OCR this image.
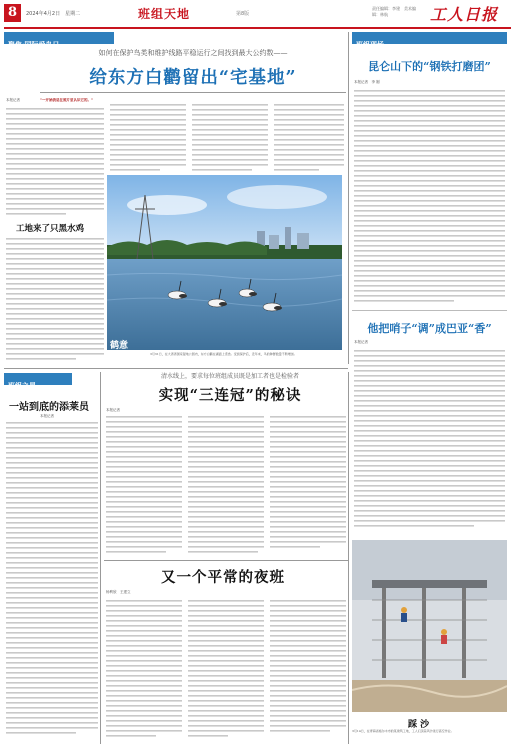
8	2024年4月2日　星期二	班组天地	第8版
责任编辑：李建　美术编辑：林航	工人日报
聚焦·国际爱鸟日
如何在保护鸟类和维护线路平稳运行之间找到最大公约数——
给东方白鹳留出“宅基地”
本报记者
	“一开始我是在照片里认识它的。”
工地来了只黑水鸡
鹤意
3月31日，在大湾湾国家湿地公园内，东方白鹳在湖面上觅食。受到保护后，近年来，鸟的种群数量不断增加。
班组现场
昆仑山下的“钢铁打磨团”
本报记者　李 刚
他把哨子“调”成巴亚“香”
本报记者
班组之星
一站到底的添莱员
本报记者
清水线上，要求每位班组成员既是加工者也是检验者
实现“三连冠”的秘诀
本报记者
又一个平常的夜班
杨利欣　王建立
踩 沙
3月14日，在青海省格尔木市的某建筑工地，工人们顶着风沙进行高空作业。
